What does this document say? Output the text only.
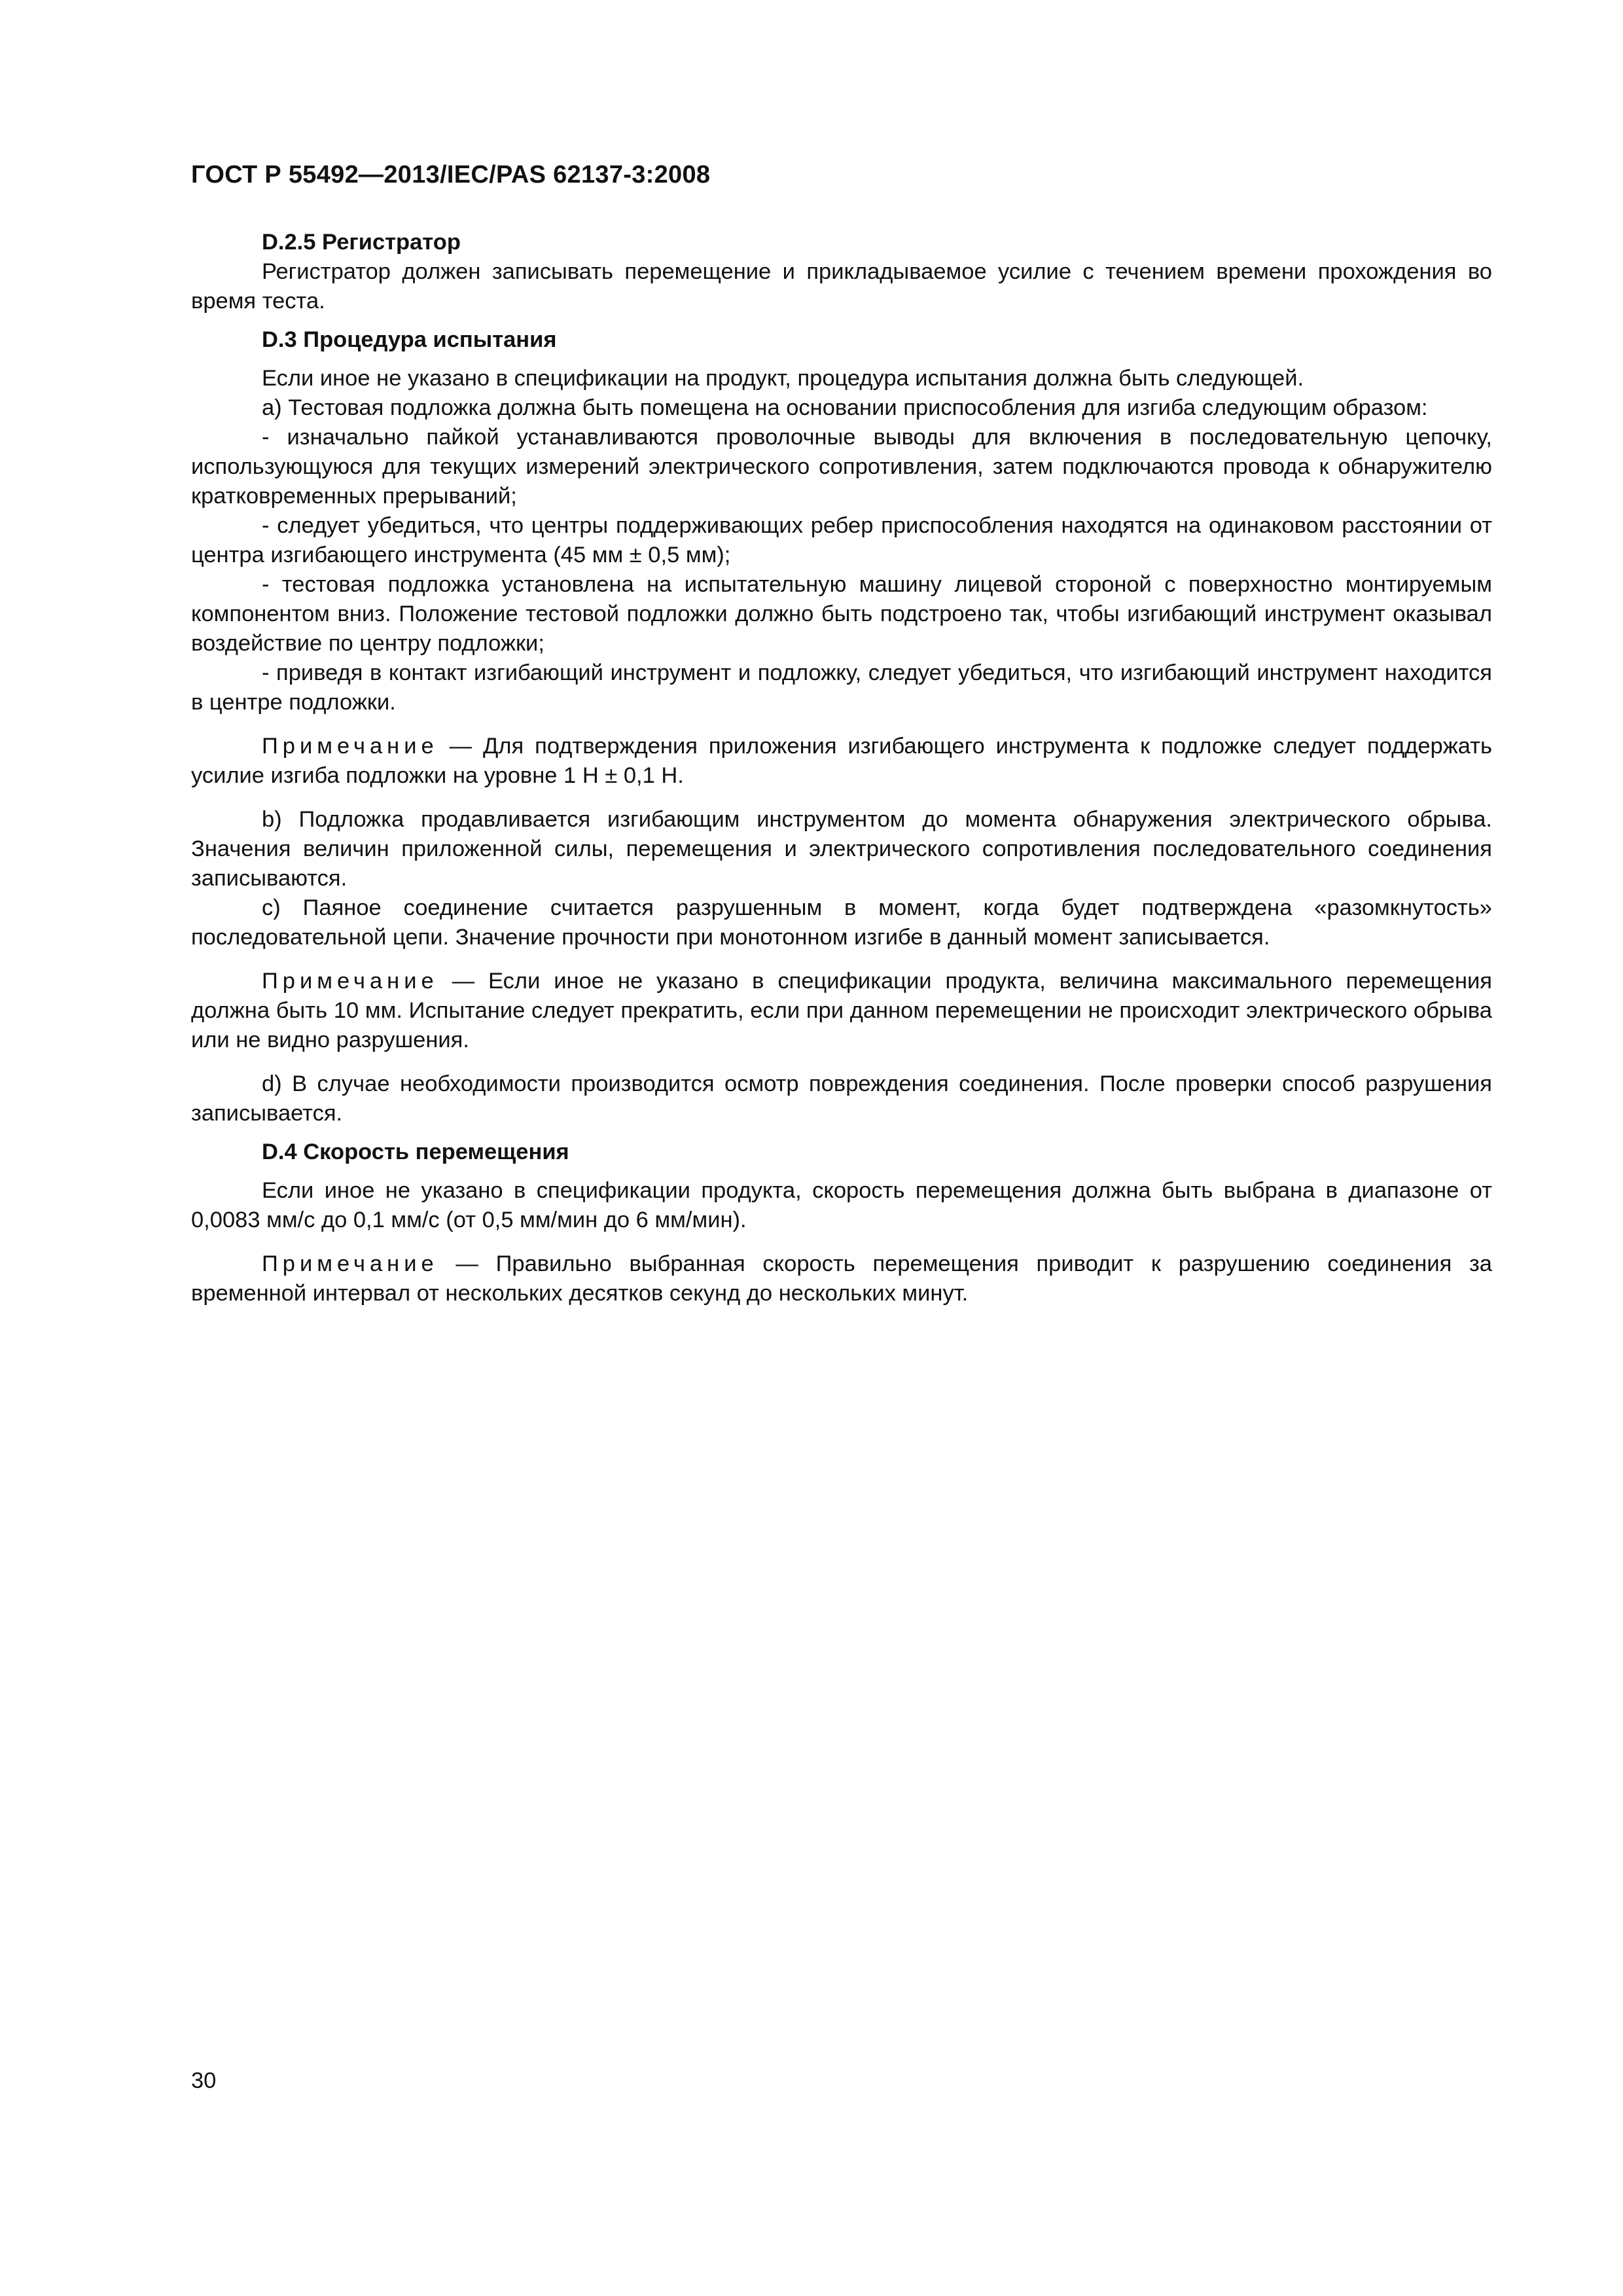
ГОСТ Р 55492—2013/IEC/PAS 62137-3:2008
D.2.5 Регистратор

Регистратор должен записывать перемещение и прикладываемое усилие с течением времени прохождения во время теста.

D.3 Процедура испытания

Если иное не указано в спецификации на продукт, процедура испытания должна быть следующей.

а) Тестовая подложка должна быть помещена на основании приспособления для изгиба следующим образом:

- изначально пайкой устанавливаются проволочные выводы для включения в последовательную цепочку, использующуюся для текущих измерений электрического сопротивления, затем подключаются провода к обнаружителю кратковременных прерываний;

- следует убедиться, что центры поддерживающих ребер приспособления находятся на одинаковом расстоянии от центра изгибающего инструмента (45 мм ± 0,5 мм);

- тестовая подложка установлена на испытательную машину лицевой стороной с поверхностно монтируемым компонентом вниз. Положение тестовой подложки должно быть подстроено так, чтобы изгибающий инструмент оказывал воздействие по центру подложки;

- приведя в контакт изгибающий инструмент и подложку, следует убедиться, что изгибающий инструмент находится в центре подложки.

Примечание — Для подтверждения приложения изгибающего инструмента к подложке следует поддержать усилие изгиба подложки на уровне 1 Н ± 0,1 Н.

b) Подложка продавливается изгибающим инструментом до момента обнаружения электрического обрыва. Значения величин приложенной силы, перемещения и электрического сопротивления последовательного соединения записываются.

c) Паяное соединение считается разрушенным в момент, когда будет подтверждена «разомкнутость» последовательной цепи. Значение прочности при монотонном изгибе в данный момент записывается.

Примечание — Если иное не указано в спецификации продукта, величина максимального перемещения должна быть 10 мм. Испытание следует прекратить, если при данном перемещении не происходит электрического обрыва или не видно разрушения.

d) В случае необходимости производится осмотр повреждения соединения. После проверки способ разрушения записывается.

D.4 Скорость перемещения

Если иное не указано в спецификации продукта, скорость перемещения должна быть выбрана в диапазоне от 0,0083 мм/с до 0,1 мм/с (от 0,5 мм/мин до 6 мм/мин).

Примечание — Правильно выбранная скорость перемещения приводит к разрушению соединения за временной интервал от нескольких десятков секунд до нескольких минут.

30
